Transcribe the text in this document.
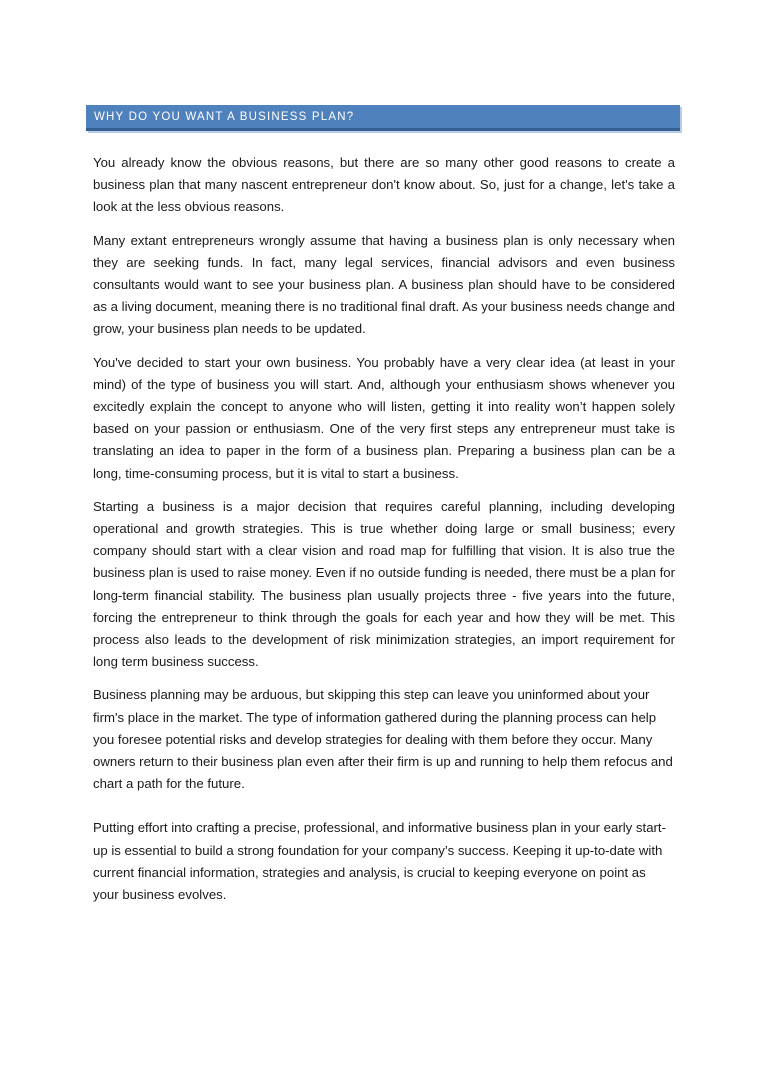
WHY DO YOU WANT A BUSINESS PLAN?

You already know the obvious reasons, but there are so many other good reasons to create a business plan that many nascent entrepreneur don't know about. So, just for a change, let's take a look at the less obvious reasons.

Many extant entrepreneurs wrongly assume that having a business plan is only necessary when they are seeking funds. In fact, many legal services, financial advisors and even business consultants would want to see your business plan. A business plan should have to be considered as a living document, meaning there is no traditional final draft. As your business needs change and grow, your business plan needs to be updated.

You've decided to start your own business. You probably have a very clear idea (at least in your mind) of the type of business you will start. And, although your enthusiasm shows whenever you excitedly explain the concept to anyone who will listen, getting it into reality won’t happen solely based on your passion or enthusiasm. One of the very first steps any entrepreneur must take is translating an idea to paper in the form of a business plan. Preparing a business plan can be a long, time-consuming process, but it is vital to start a business.

Starting a business is a major decision that requires careful planning, including developing operational and growth strategies. This is true whether doing large or small business; every company should start with a clear vision and road map for fulfilling that vision. It is also true the business plan is used to raise money. Even if no outside funding is needed, there must be a plan for long-term financial stability. The business plan usually projects three - five years into the future, forcing the entrepreneur to think through the goals for each year and how they will be met. This process also leads to the development of risk minimization strategies, an import requirement for long term business success.

Business planning may be arduous, but skipping this step can leave you uninformed about your firm's place in the market. The type of information gathered during the planning process can help you foresee potential risks and develop strategies for dealing with them before they occur. Many owners return to their business plan even after their firm is up and running to help them refocus and chart a path for the future.

Putting effort into crafting a precise, professional, and informative business plan in your early start-up is essential to build a strong foundation for your company’s success. Keeping it up-to-date with current financial information, strategies and analysis, is crucial to keeping everyone on point as your business evolves.
